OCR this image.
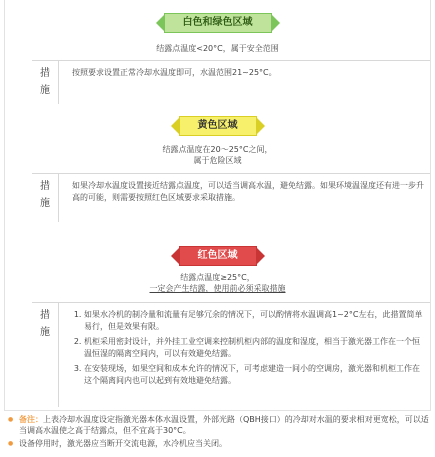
白色和绿色区域
结露点温度<20°C，属于安全范围
措
施
按照要求设置正常冷却水温度即可，水温范围21~25°C。
黄色区域
结露点温度在20～25°C之间，
属于危险区域
措
施
如果冷却水温度设置接近结露点温度，可以适当调高水温，避免结露。如果环境温湿度还有进一步升高的可能，则需要按照红色区域要求采取措施。
红色区域
结露点温度≥25°C，
一定会产生结露，使用前必须采取措施
措
施
1. 如果水冷机的制冷量和流量有足够冗余的情况下，可以酌情将水温调高1~2°C左右，此措置简单易行，但是效果有限。
2. 机柜采用密封设计，并外挂工业空调来控制机柜内部的温度和湿度，相当于激光器工作在一个恒温恒湿的隔离空间内，可以有效避免结露。
3. 在安装现场，如果空间和成本允许的情况下，可考虑建造一间小的空调房，激光器和机柜工作在这个隔离间内也可以起到有效地避免结露。
● 备注：上表冷却水温度设定指激光器本体水温设置，外部光路（QBH接口）的冷却对水温的要求相对更宽松，可以适当调高水温使之高于结露点，但不宜高于30°C。
● 设备停用时，激光器应当断开交流电源，水冷机应当关闭。
